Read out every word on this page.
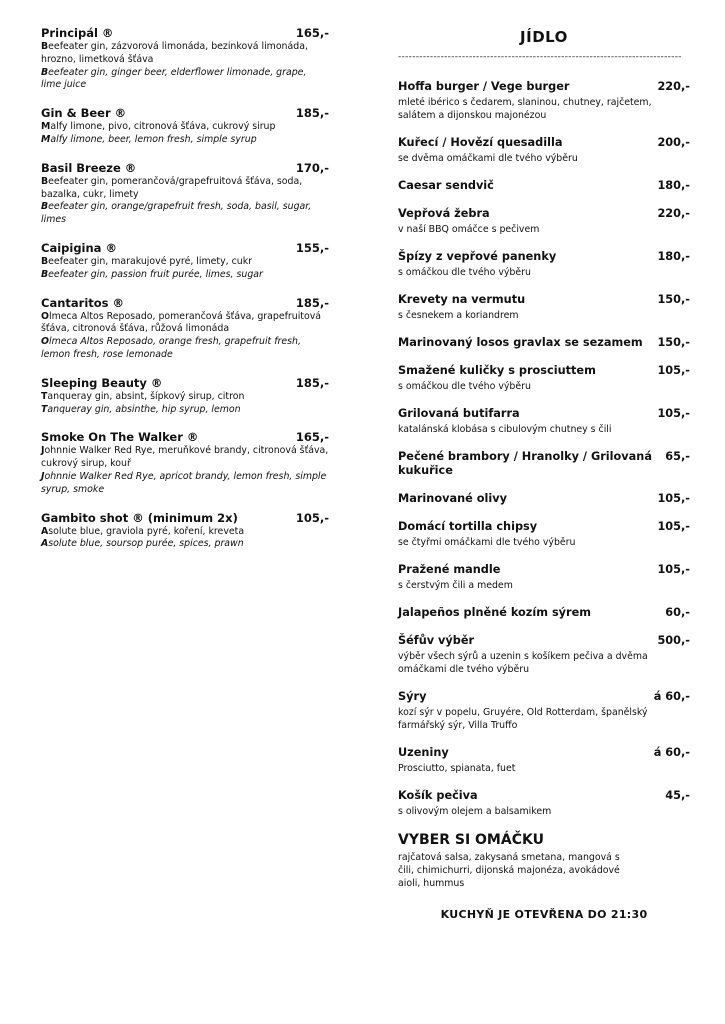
Principál ®	165,-
Beefeater gin, zázvorová limonáda, bezinková limonáda, hrozno, limetková šťáva
Beefeater gin, ginger beer, elderflower limonade, grape, lime juice
Gin & Beer ®	185,-
Malfy limone, pivo, citronová šťáva, cukrový sirup
Malfy limone, beer, lemon fresh, simple syrup
Basil Breeze ®	170,-
Beefeater gin, pomerančová/grapefruitová šťáva, soda, bazalka, cukr, limety
Beefeater gin, orange/grapefruit fresh, soda, basil, sugar, limes
Caipigina ®	155,-
Beefeater gin, marakujové pyré, limety, cukr
Beefeater gin, passion fruit purée, limes, sugar
Cantaritos ®	185,-
Olmeca Altos Reposado, pomerančová šťáva, grapefruitová šťáva, citronová šťáva, růžová limonáda
Olmeca Altos Reposado, orange fresh, grapefruit fresh, lemon fresh, rose lemonade
Sleeping Beauty ®	185,-
Tanqueray gin, absint, šípkový sirup, citron
Tanqueray gin, absinthe, hip syrup, lemon
Smoke On The Walker ®	165,-
Johnnie Walker Red Rye, meruňkové brandy, citronová šťáva, cukrový sirup, kouř
Johnnie Walker Red Rye, apricot brandy, lemon fresh, simple syrup, smoke
Gambito shot ® (minimum 2x)	105,-
Asolute blue, graviola pyré, koření, kreveta
Asolute blue, soursop purée, spices, prawn
JÍDLO
--------------------------------------------------------------------------------
Hoffa burger / Vege burger	220,-
mleté ibérico s čedarem, slaninou, chutney, rajčetem, salátem a dijonskou majonézou
Kuřecí / Hovězí quesadilla	200,-
se dvěma omáčkami dle tvého výběru
Caesar sendvič	180,-
Vepřová žebra	220,-
v naší BBQ omáčce s pečivem
Špízy z vepřové panenky	180,-
s omáčkou dle tvého výběru
Krevety na vermutu	150,-
s česnekem a koriandrem
Marinovaný losos gravlax se sezamem 150,-
Smažené kuličky s prosciuttem	105,-
s omáčkou dle tvého výběru
Grilovaná butifarra	105,-
katalánská klobása s cibulovým chutney s čili
Pečené brambory / Hranolky / Grilovaná kukuřice
65,-
Marinované olivy	105,-
Domácí tortilla chipsy	105,-
se čtyřmi omáčkami dle tvého výběru
Pražené mandle	105,-
s čerstvým čili a medem
Jalapeños plněné kozím sýrem	60,-
Šéfův výběr	500,-
výběr všech sýrů a uzenin s košíkem pečiva a dvěma omáčkami dle tvého výběru
Sýry	á 60,-
kozí sýr v popelu, Gruyére, Old Rotterdam, španělský farmářský sýr, Villa Truffo
Uzeniny	á 60,-
Prosciutto, spianata, fuet
Košík pečiva	45,-
s olivovým olejem a balsamikem
VYBER SI OMÁČKU
rajčatová salsa, zakysaná smetana, mangová s čili, chimichurri, dijonská majonéza, avokádové aioli, hummus
KUCHYŇ JE OTEVŘENA DO 21:30
